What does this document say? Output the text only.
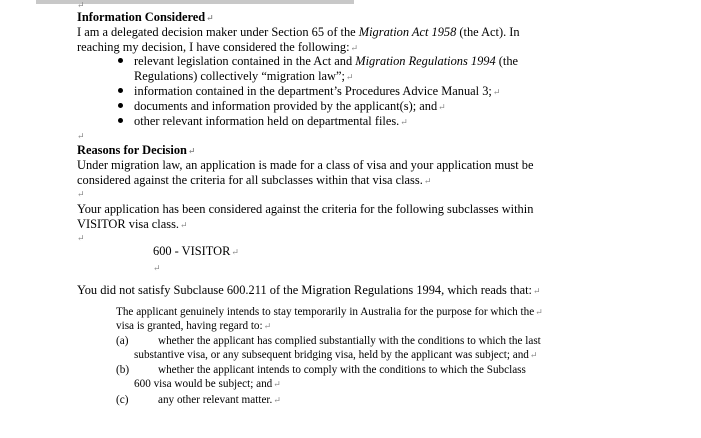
↵
Information Considered↵
I am a delegated decision maker under Section 65 of the Migration Act 1958 (the Act). In
reaching my decision, I have considered the following:↵
relevant legislation contained in the Act and Migration Regulations 1994 (the
Regulations) collectively “migration law”;↵
information contained in the department’s Procedures Advice Manual 3;↵
documents and information provided by the applicant(s); and↵
other relevant information held on departmental files.↵
↵
Reasons for Decision↵
Under migration law, an application is made for a class of visa and your application must be
considered against the criteria for all subclasses within that visa class.↵
↵
Your application has been considered against the criteria for the following subclasses within
VISITOR visa class.↵
↵
600 - VISITOR↵
↵
You did not satisfy Subclause 600.211 of the Migration Regulations 1994, which reads that:↵
The applicant genuinely intends to stay temporarily in Australia for the purpose for which the↵
visa is granted, having regard to:↵
(a)	whether the applicant has complied substantially with the conditions to which the last
substantive visa, or any subsequent bridging visa, held by the applicant was subject; and↵
(b)	whether the applicant intends to comply with the conditions to which the Subclass
600 visa would be subject; and↵
(c)	any other relevant matter.↵
